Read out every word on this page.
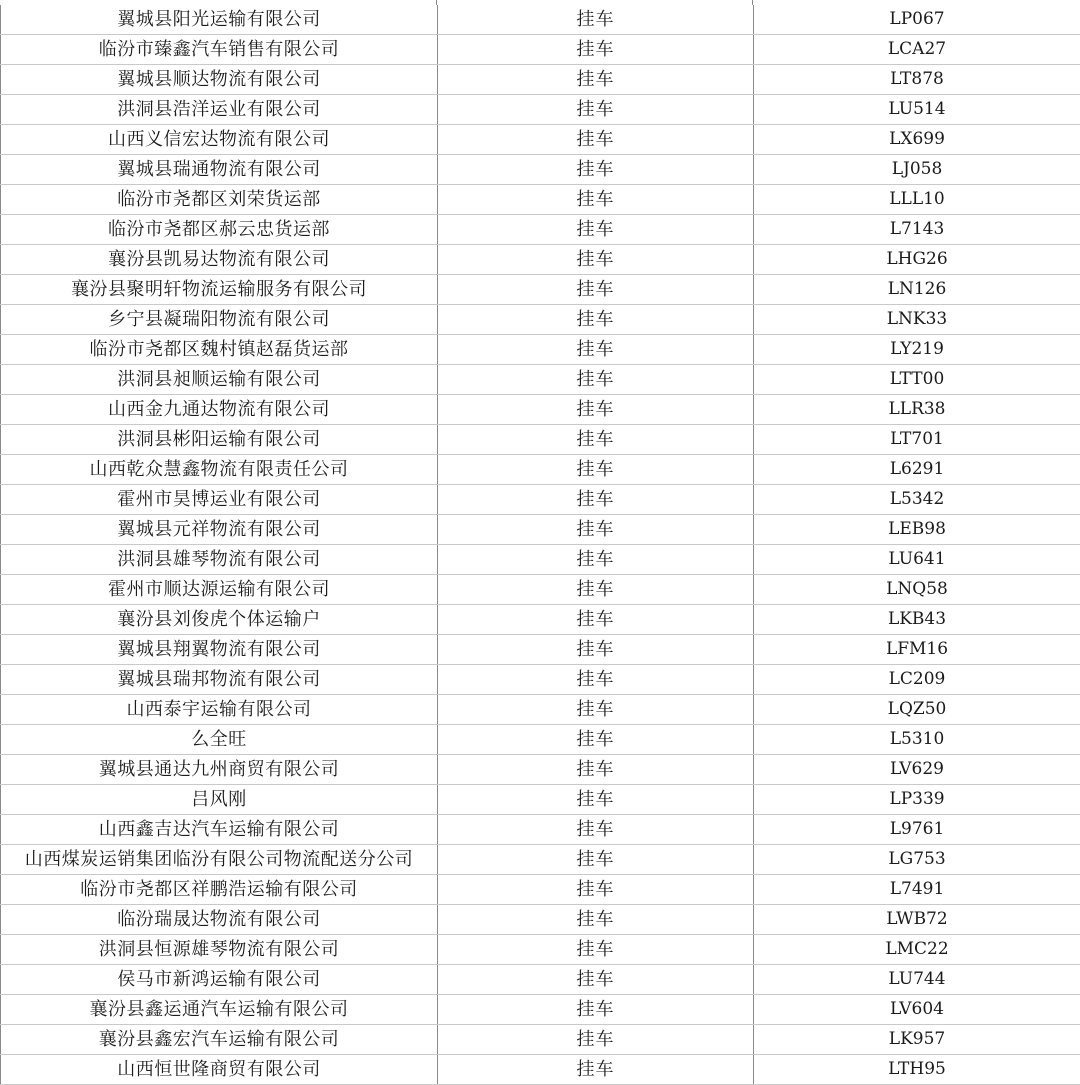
翼城县阳光运输有限公司	挂车	LP067
临汾市臻鑫汽车销售有限公司	挂车	LCA27
翼城县顺达物流有限公司	挂车	LT878
洪洞县浩洋运业有限公司	挂车	LU514
山西义信宏达物流有限公司	挂车	LX699
翼城县瑞通物流有限公司	挂车	LJ058
临汾市尧都区刘荣货运部	挂车	LLL10
临汾市尧都区郝云忠货运部	挂车	L7143
襄汾县凯易达物流有限公司	挂车	LHG26
襄汾县聚明轩物流运输服务有限公司	挂车	LN126
乡宁县凝瑞阳物流有限公司	挂车	LNK33
临汾市尧都区魏村镇赵磊货运部	挂车	LY219
洪洞县昶顺运输有限公司	挂车	LTT00
山西金九通达物流有限公司	挂车	LLR38
洪洞县彬阳运输有限公司	挂车	LT701
山西乾众慧鑫物流有限责任公司	挂车	L6291
霍州市昊博运业有限公司	挂车	L5342
翼城县元祥物流有限公司	挂车	LEB98
洪洞县雄琴物流有限公司	挂车	LU641
霍州市顺达源运输有限公司	挂车	LNQ58
襄汾县刘俊虎个体运输户	挂车	LKB43
翼城县翔翼物流有限公司	挂车	LFM16
翼城县瑞邦物流有限公司	挂车	LC209
山西泰宇运输有限公司	挂车	LQZ50
么全旺	挂车	L5310
翼城县通达九州商贸有限公司	挂车	LV629
吕风刚	挂车	LP339
山西鑫吉达汽车运输有限公司	挂车	L9761
山西煤炭运销集团临汾有限公司物流配送分公司	挂车	LG753
临汾市尧都区祥鹏浩运输有限公司	挂车	L7491
临汾瑞晟达物流有限公司	挂车	LWB72
洪洞县恒源雄琴物流有限公司	挂车	LMC22
侯马市新鸿运输有限公司	挂车	LU744
襄汾县鑫运通汽车运输有限公司	挂车	LV604
襄汾县鑫宏汽车运输有限公司	挂车	LK957
山西恒世隆商贸有限公司	挂车	LTH95
